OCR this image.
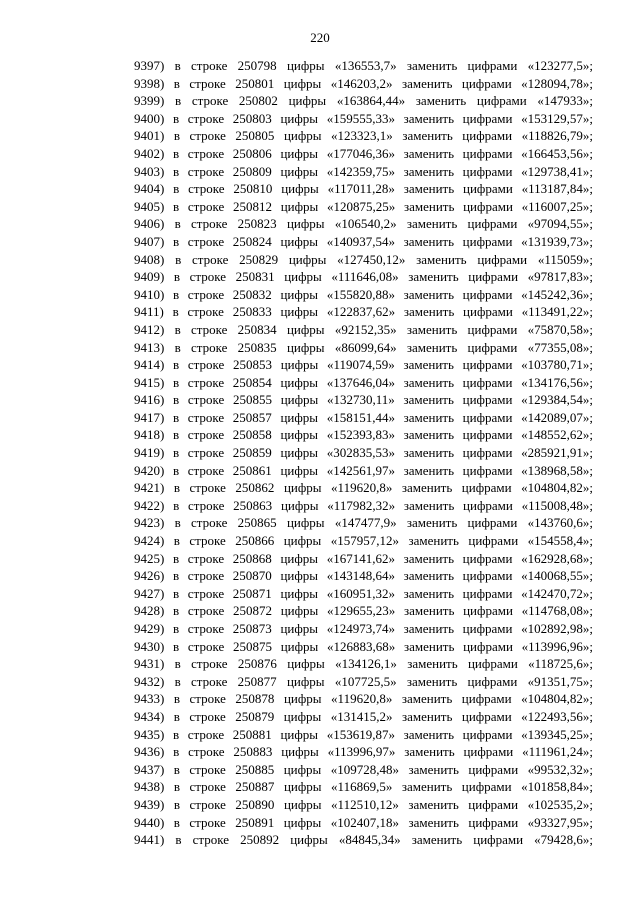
220
9397) в строке 250798 цифры «136553,7» заменить цифрами «123277,5»;
9398) в строке 250801 цифры «146203,2» заменить цифрами «128094,78»;
9399) в строке 250802 цифры «163864,44» заменить цифрами «147933»;
9400) в строке 250803 цифры «159555,33» заменить цифрами «153129,57»;
9401) в строке 250805 цифры «123323,1» заменить цифрами «118826,79»;
9402) в строке 250806 цифры «177046,36» заменить цифрами «166453,56»;
9403) в строке 250809 цифры «142359,75» заменить цифрами «129738,41»;
9404) в строке 250810 цифры «117011,28» заменить цифрами «113187,84»;
9405) в строке 250812 цифры «120875,25» заменить цифрами «116007,25»;
9406) в строке 250823 цифры «106540,2» заменить цифрами «97094,55»;
9407) в строке 250824 цифры «140937,54» заменить цифрами «131939,73»;
9408) в строке 250829 цифры «127450,12» заменить цифрами «115059»;
9409) в строке 250831 цифры «111646,08» заменить цифрами «97817,83»;
9410) в строке 250832 цифры «155820,88» заменить цифрами «145242,36»;
9411) в строке 250833 цифры «122837,62» заменить цифрами «113491,22»;
9412) в строке 250834 цифры «92152,35» заменить цифрами «75870,58»;
9413) в строке 250835 цифры «86099,64» заменить цифрами «77355,08»;
9414) в строке 250853 цифры «119074,59» заменить цифрами «103780,71»;
9415) в строке 250854 цифры «137646,04» заменить цифрами «134176,56»;
9416) в строке 250855 цифры «132730,11» заменить цифрами «129384,54»;
9417) в строке 250857 цифры «158151,44» заменить цифрами «142089,07»;
9418) в строке 250858 цифры «152393,83» заменить цифрами «148552,62»;
9419) в строке 250859 цифры «302835,53» заменить цифрами «285921,91»;
9420) в строке 250861 цифры «142561,97» заменить цифрами «138968,58»;
9421) в строке 250862 цифры «119620,8» заменить цифрами «104804,82»;
9422) в строке 250863 цифры «117982,32» заменить цифрами «115008,48»;
9423) в строке 250865 цифры «147477,9» заменить цифрами «143760,6»;
9424) в строке 250866 цифры «157957,12» заменить цифрами «154558,4»;
9425) в строке 250868 цифры «167141,62» заменить цифрами «162928,68»;
9426) в строке 250870 цифры «143148,64» заменить цифрами «140068,55»;
9427) в строке 250871 цифры «160951,32» заменить цифрами «142470,72»;
9428) в строке 250872 цифры «129655,23» заменить цифрами «114768,08»;
9429) в строке 250873 цифры «124973,74» заменить цифрами «102892,98»;
9430) в строке 250875 цифры «126883,68» заменить цифрами «113996,96»;
9431) в строке 250876 цифры «134126,1» заменить цифрами «118725,6»;
9432) в строке 250877 цифры «107725,5» заменить цифрами «91351,75»;
9433) в строке 250878 цифры «119620,8» заменить цифрами «104804,82»;
9434) в строке 250879 цифры «131415,2» заменить цифрами «122493,56»;
9435) в строке 250881 цифры «153619,87» заменить цифрами «139345,25»;
9436) в строке 250883 цифры «113996,97» заменить цифрами «111961,24»;
9437) в строке 250885 цифры «109728,48» заменить цифрами «99532,32»;
9438) в строке 250887 цифры «116869,5» заменить цифрами «101858,84»;
9439) в строке 250890 цифры «112510,12» заменить цифрами «102535,2»;
9440) в строке 250891 цифры «102407,18» заменить цифрами «93327,95»;
9441) в строке 250892 цифры «84845,34» заменить цифрами «79428,6»;
